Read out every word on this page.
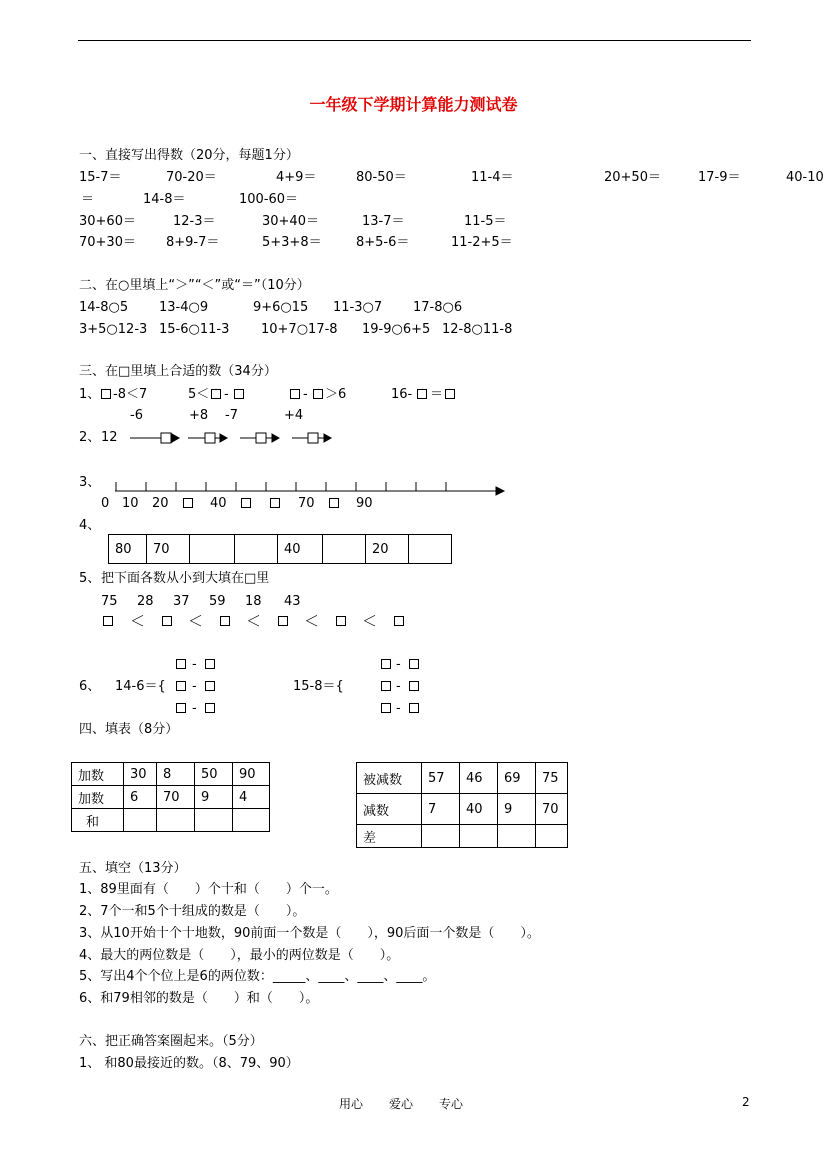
一年级下学期计算能力测试卷
一、直接写出得数（20分，每题1分）
15-7＝	70-20＝	4+9＝	80-50＝	11-4＝	20+50＝	17-9＝	40-10
＝	14-8＝	100-60＝
30+60＝	12-3＝	30+40＝	13-7＝	11-5＝
70+30＝ 8+9-7＝	5+3+8＝	8+5-6＝	11-2+5＝
二、在○里填上“＞”“＜”或“＝”（10分）
14-8○5 13-4○9	9+6○15 11-3○7 17-8○6
3+5○12-3 15-6○11-3 10+7○17-8 19-9○6+5 12-8○11-8
三、在□里填上合适的数（34分）
1、 -8＜7	5＜ -	- ＞6	16- ＝
-6	+8 -7	+4
2、 12
3、
0 10 20	40	70	90
4、
80	70			40		20	
5、 把下面各数从小到大填在□里
75 28 37 59 18 43
＜	＜	＜	＜	＜
-	-
6、 14-6＝{ -	15-8＝{	-
-	-
四、填表（8分）
加数	30	8	50	90
加数	6	70	9	4
和				
被减数	57	46	69	75
减数	7	40	9	70
差				
五、填空（13分）
1、89里面有（　　）个十和（　　）个一。
2、7个一和5个十组成的数是（　　）。
3、从10开始十个十地数，90前面一个数是（　　），90后面一个数是（　　）。
4、最大的两位数是（　　），最小的两位数是（　　）。
5、写出4个个位上是6的两位数：_____、____、____、____。
6、和79相邻的数是（　　）和（　　）。
六、把正确答案圈起来。（5分）
1、 和80最接近的数。（8、79、90）
用心 爱心 专心	2
